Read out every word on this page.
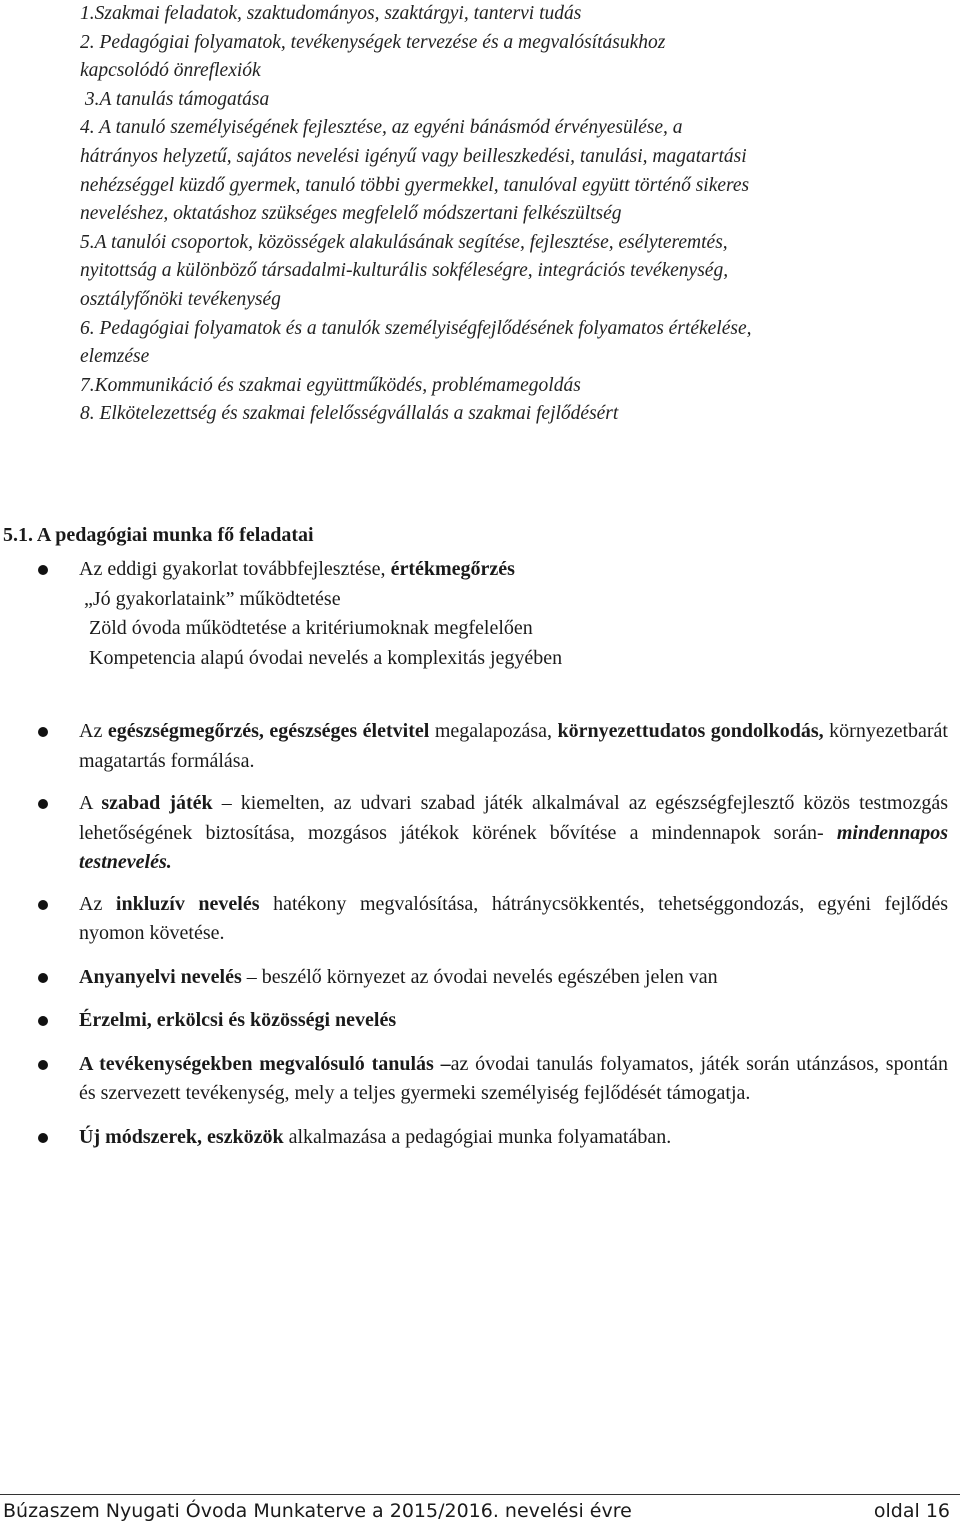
1.Szakmai feladatok, szaktudományos, szaktárgyi, tantervi tudás
2. Pedagógiai folyamatok, tevékenységek tervezése és a megvalósításukhoz
kapcsolódó önreflexiók
3.A tanulás támogatása
4. A tanuló személyiségének fejlesztése, az egyéni bánásmód érvényesülése, a
hátrányos helyzetű, sajátos nevelési igényű vagy beilleszkedési, tanulási, magatartási
nehézséggel küzdő gyermek, tanuló többi gyermekkel, tanulóval együtt történő sikeres
neveléshez, oktatáshoz szükséges megfelelő módszertani felkészültség
5.A tanulói csoportok, közösségek alakulásának segítése, fejlesztése, esélyteremtés,
nyitottság a különböző társadalmi-kulturális sokféleségre, integrációs tevékenység,
osztályfőnöki tevékenység
6. Pedagógiai folyamatok és a tanulók személyiségfejlődésének folyamatos értékelése,
elemzése
7.Kommunikáció és szakmai együttműködés, problémamegoldás
8. Elkötelezettség és szakmai felelősségvállalás a szakmai fejlődésért
5.1. A pedagógiai munka fő feladatai
Az eddigi gyakorlat továbbfejlesztése, értékmegőrzés
„Jó gyakorlataink” működtetése
Zöld óvoda működtetése a kritériumoknak megfelelően
Kompetencia alapú óvodai nevelés a komplexitás jegyében
Az egészségmegőrzés, egészséges életvitel megalapozása, környezettudatos gondolkodás, környezetbarát magatartás formálása.
A szabad játék – kiemelten, az udvari szabad játék alkalmával az egészségfejlesztő közös testmozgás lehetőségének biztosítása, mozgásos játékok körének bővítése a mindennapok során- mindennapos testnevelés.
Az inkluzív nevelés hatékony megvalósítása, hátránycsökkentés, tehetséggondozás, egyéni fejlődés nyomon követése.
Anyanyelvi nevelés – beszélő környezet az óvodai nevelés egészében jelen van
Érzelmi, erkölcsi és közösségi nevelés
A tevékenységekben megvalósuló tanulás –az óvodai tanulás folyamatos, játék során utánzásos, spontán és szervezett tevékenység, mely a teljes gyermeki személyiség fejlődését támogatja.
Új módszerek, eszközök alkalmazása a pedagógiai munka folyamatában.
Búzaszem Nyugati Óvoda Munkaterve a 2015/2016. nevelési évre	oldal 16
